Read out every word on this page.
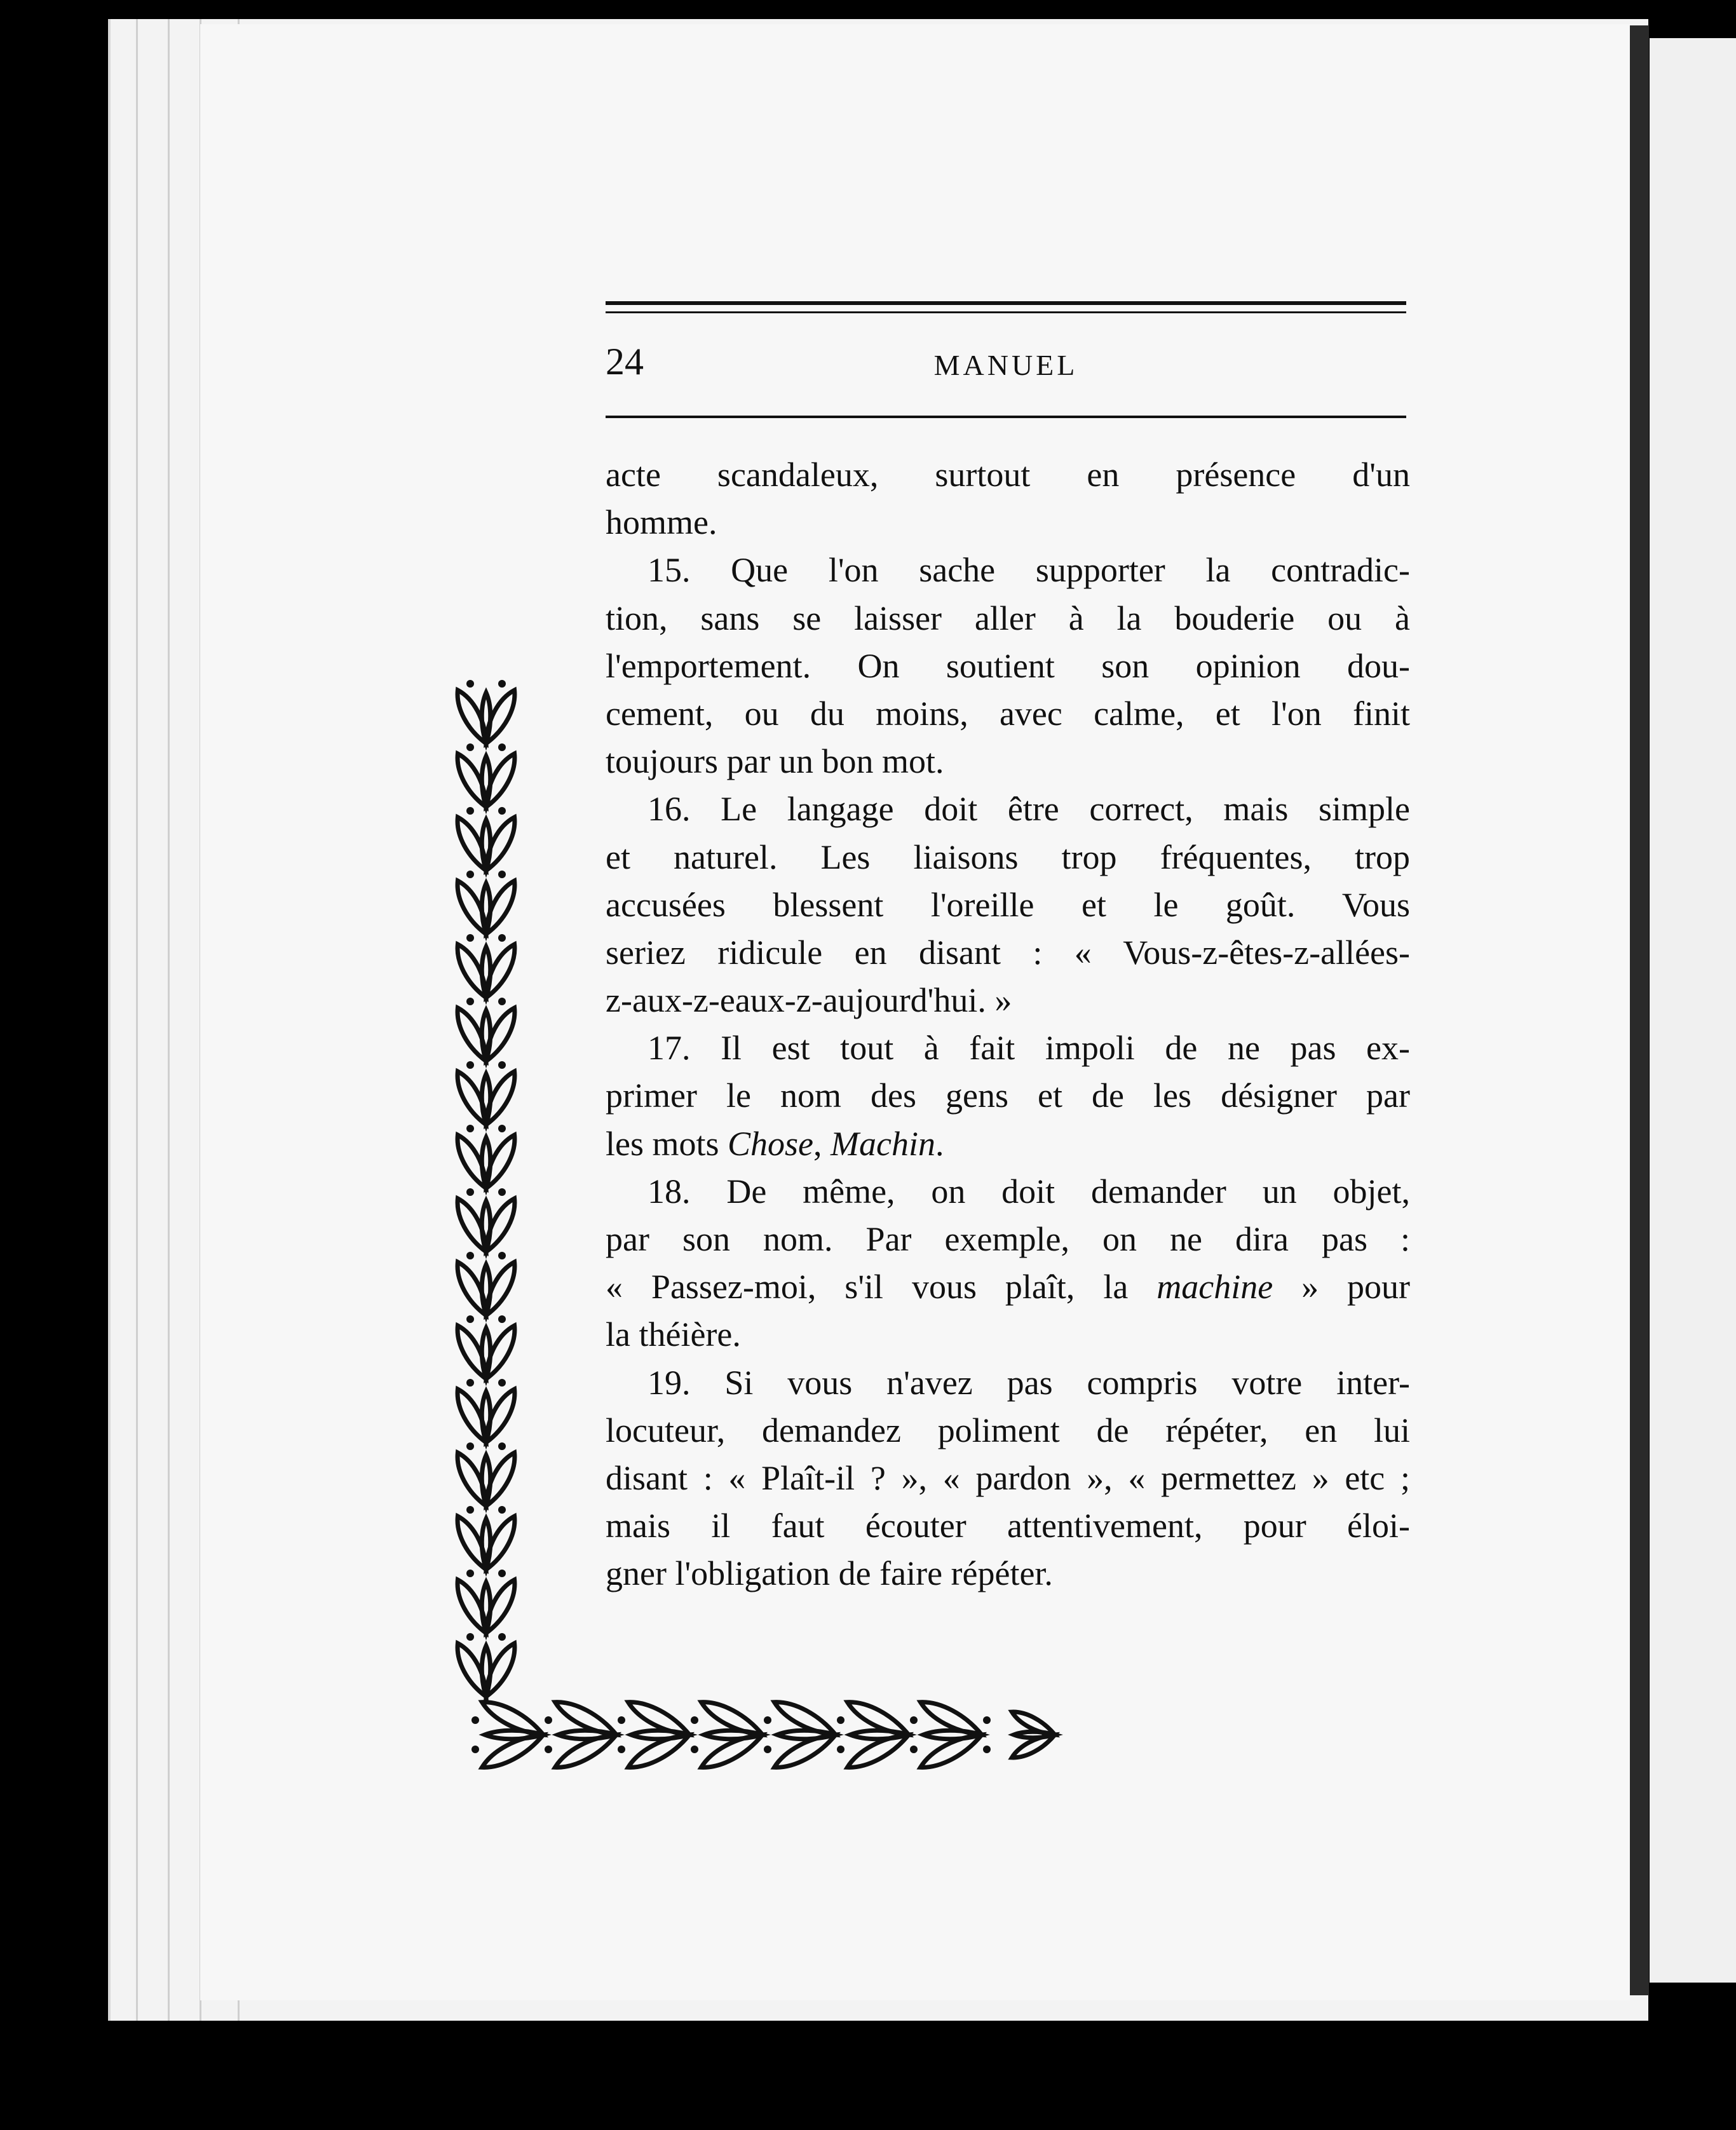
24	MANUEL
acte scandaleux, surtout en présence d'un
homme.
15. Que l'on sache supporter la contradic-
tion, sans se laisser aller à la bouderie ou à
l'emportement. On soutient son opinion dou-
cement, ou du moins, avec calme, et l'on finit
toujours par un bon mot.
16. Le langage doit être correct, mais simple
et naturel. Les liaisons trop fréquentes, trop
accusées blessent l'oreille et le goût. Vous
seriez ridicule en disant : « Vous-z-êtes-z-allées-
z-aux-z-eaux-z-aujourd'hui. »
17. Il est tout à fait impoli de ne pas ex-
primer le nom des gens et de les désigner par
les mots Chose, Machin.
18. De même, on doit demander un objet,
par son nom. Par exemple, on ne dira pas :
« Passez-moi, s'il vous plaît, la machine » pour
la théière.
19. Si vous n'avez pas compris votre inter-
locuteur, demandez poliment de répéter, en lui
disant : « Plaît-il ? », « pardon », « permettez » etc ;
mais il faut écouter attentivement, pour éloi-
gner l'obligation de faire répéter.
